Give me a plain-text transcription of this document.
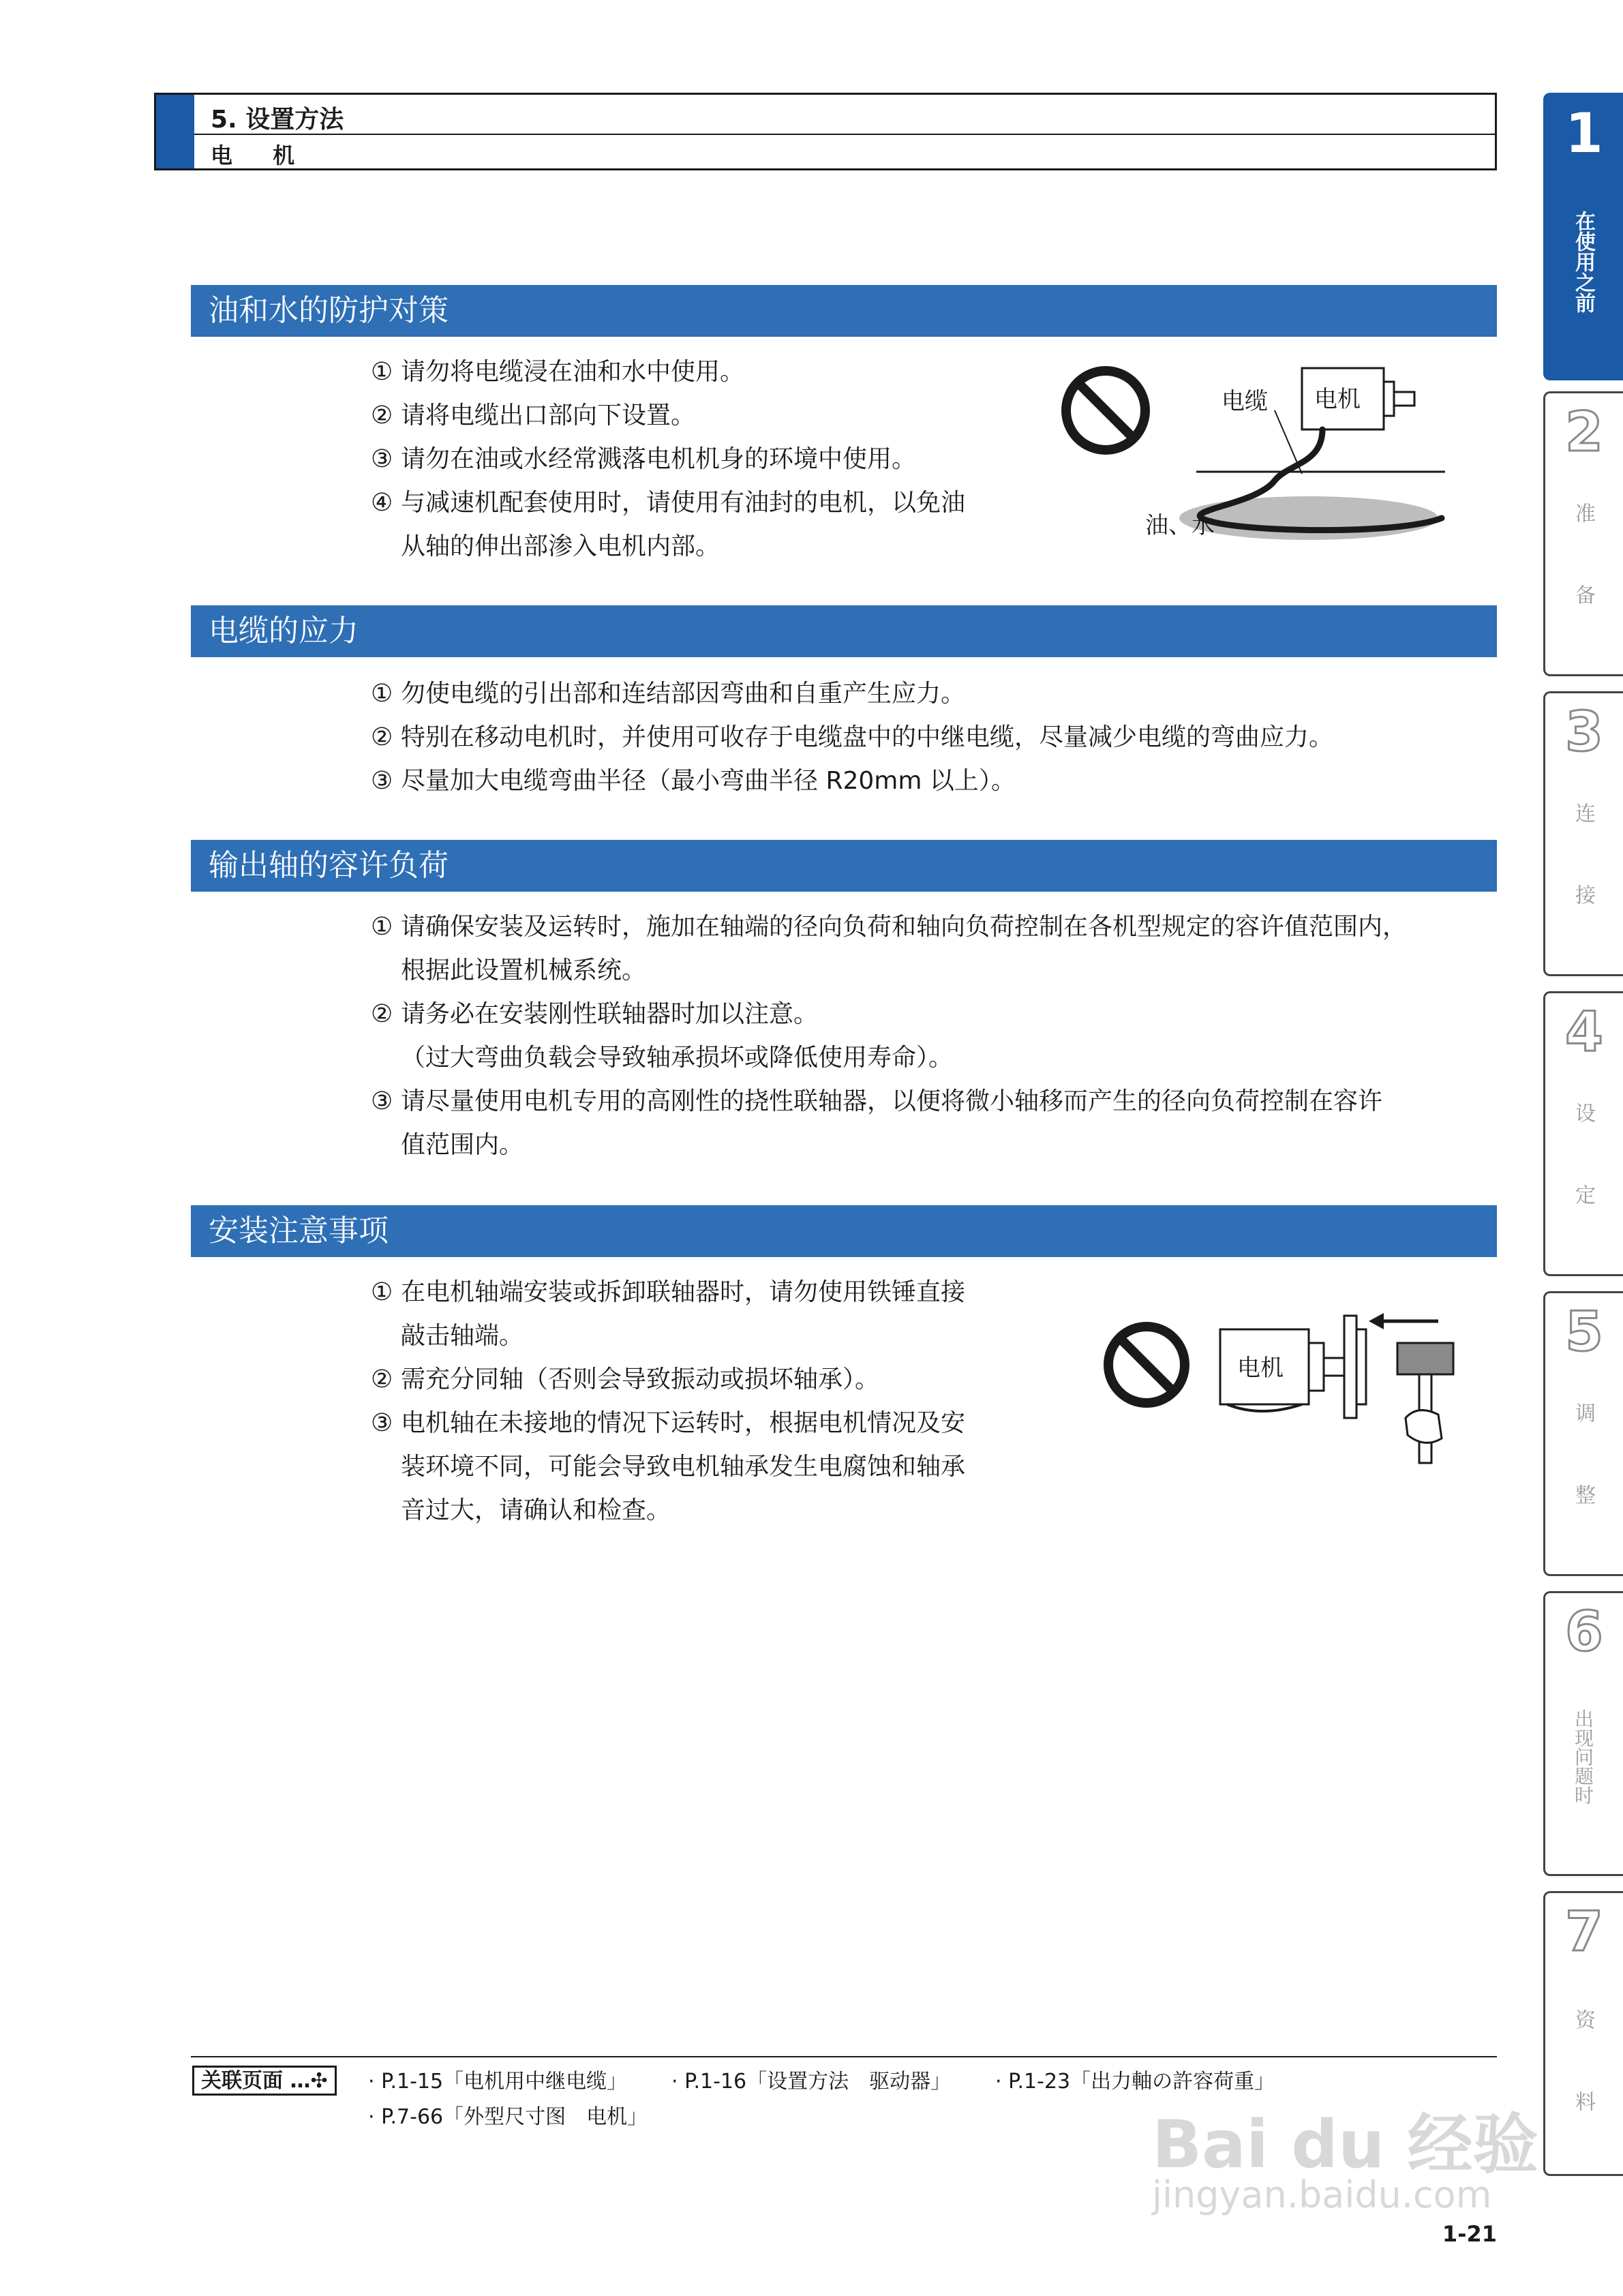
5. 设置方法
电 机
油和水的防护对策
① 请勿将电缆浸在油和水中使用。
② 请将电缆出口部向下设置。
③ 请勿在油或水经常溅落电机机身的环境中使用。
④ 与减速机配套使用时，请使用有油封的电机，以免油
从轴的伸出部渗入电机内部。
电缆 电机
油、水
电缆的应力
① 勿使电缆的引出部和连结部因弯曲和自重产生应力。
② 特别在移动电机时，并使用可收存于电缆盘中的中继电缆，尽量减少电缆的弯曲应力。
③ 尽量加大电缆弯曲半径（最小弯曲半径 R20mm 以上）。
输出轴的容许负荷
① 请确保安装及运转时，施加在轴端的径向负荷和轴向负荷控制在各机型规定的容许值范围内，
根据此设置机械系统。
② 请务必在安装刚性联轴器时加以注意。
（过大弯曲负载会导致轴承损坏或降低使用寿命）。
③ 请尽量使用电机专用的高刚性的挠性联轴器，以便将微小轴移而产生的径向负荷控制在容许
值范围内。
安装注意事项
① 在电机轴端安装或拆卸联轴器时，请勿使用铁锤直接
敲击轴端。
② 需充分同轴（否则会导致振动或损坏轴承）。
③ 电机轴在未接地的情况下运转时，根据电机情况及安
装环境不同，可能会导致电机轴承发生电腐蚀和轴承
音过大，请确认和检查。
电机
1
在使用之前
2
准备
3
连接
4
设定
5
调整
6
出现问题时
7
资料
关联页面 …✣	· P.1-15「电机用中继电缆」 · P.1-16「设置方法　驱动器」 · P.1-23「出力軸の許容荷重」
· P.7-66「外型尺寸图　电机」	Bai du 经验
jingyan.baidu.com
1-21
